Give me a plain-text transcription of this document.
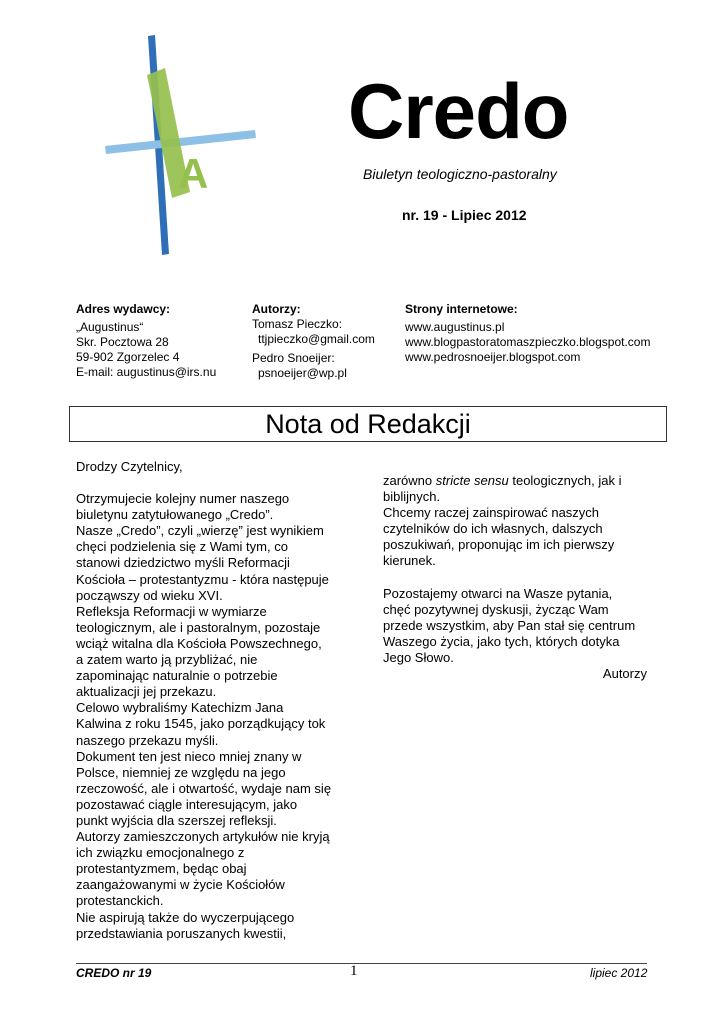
A
Credo
Biuletyn teologiczno-pastoralny
nr. 19 - Lipiec 2012
Adres wydawcy:
„Augustinus“
Skr. Pocztowa 28
59-902 Zgorzelec 4
E-mail: augustinus@irs.nu
Autorzy:
Tomasz Pieczko:
ttjpieczko@gmail.com
Pedro Snoeijer:
psnoeijer@wp.pl
Strony internetowe:
www.augustinus.pl
www.blogpastoratomaszpieczko.blogspot.com
www.pedrosnoeijer.blogspot.com
Nota od Redakcji

Drodzy Czytelnicy,

Otrzymujecie kolejny numer naszego

biuletynu zatytułowanego „Credo”.

Nasze „Credo”, czyli „wierzę” jest wynikiem

chęci podzielenia się z Wami tym, co

stanowi dziedzictwo myśli Reformacji

Kościoła – protestantyzmu - która następuje

począwszy od wieku XVI.

Refleksja Reformacji w wymiarze

teologicznym, ale i pastoralnym, pozostaje

wciąż witalna dla Kościoła Powszechnego,

a zatem warto ją przybliżać, nie

zapominając naturalnie o potrzebie

aktualizacji jej przekazu.

Celowo wybraliśmy Katechizm Jana

Kalwina z roku 1545, jako porządkujący tok

naszego przekazu myśli.

Dokument ten jest nieco mniej znany w

Polsce, niemniej ze względu na jego

rzeczowość, ale i otwartość, wydaje nam się

pozostawać ciągle interesującym, jako

punkt wyjścia dla szerszej refleksji.

Autorzy zamieszczonych artykułów nie kryją

ich związku emocjonalnego z

protestantyzmem, będąc obaj

zaangażowanymi w życie Kościołów

protestanckich.

Nie aspirują także do wyczerpującego

przedstawiania poruszanych kwestii,

zarówno stricte sensu teologicznych, jak i

biblijnych.

Chcemy raczej zainspirować naszych

czytelników do ich własnych, dalszych

poszukiwań, proponując im ich pierwszy

kierunek.

Pozostajemy otwarci na Wasze pytania,

chęć pozytywnej dyskusji, życząc Wam

przede wszystkim, aby Pan stał się centrum

Waszego życia, jako tych, których dotyka

Jego Słowo.

Autorzy

CREDO nr 19	1	lipiec 2012
